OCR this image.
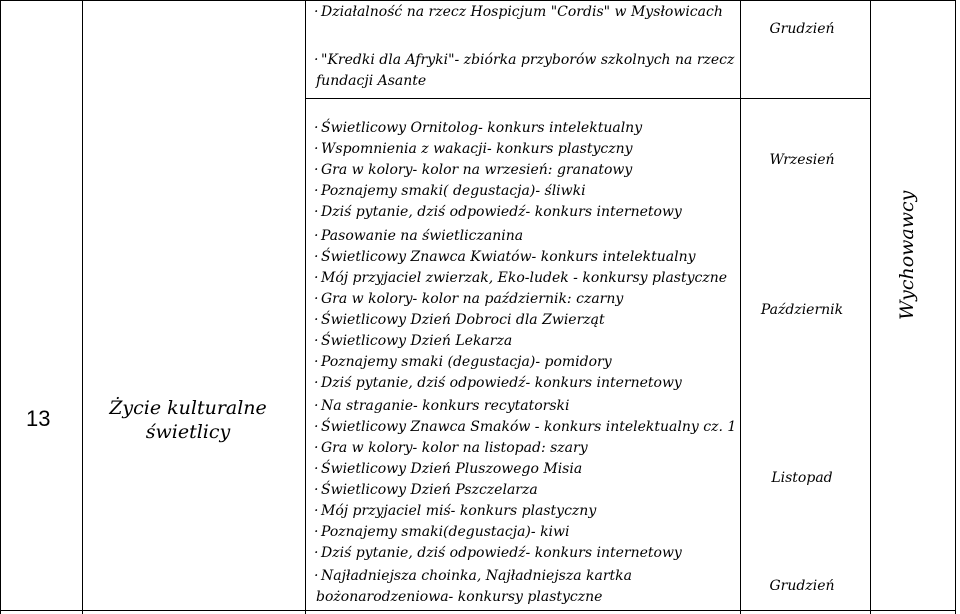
13	Życie kulturalne
świetlicy
Wychowawcy
· Działalność na rzecz Hospicjum "Cordis" w Mysłowicach
· "Kredki dla Afryki"- zbiórka przyborów szkolnych na rzecz
fundacji Asante
· Świetlicowy Ornitolog- konkurs intelektualny
· Wspomnienia z wakacji- konkurs plastyczny
· Gra w kolory- kolor na wrzesień: granatowy
· Poznajemy smaki( degustacja)- śliwki
· Dziś pytanie, dziś odpowiedź- konkurs internetowy
· Pasowanie na świetliczanina
· Świetlicowy Znawca Kwiatów- konkurs intelektualny
· Mój przyjaciel zwierzak, Eko-ludek - konkursy plastyczne
· Gra w kolory- kolor na październik: czarny
· Świetlicowy Dzień Dobroci dla Zwierząt
· Świetlicowy Dzień Lekarza
· Poznajemy smaki (degustacja)- pomidory
· Dziś pytanie, dziś odpowiedź- konkurs internetowy
· Na straganie- konkurs recytatorski
· Świetlicowy Znawca Smaków - konkurs intelektualny cz. 1
· Gra w kolory- kolor na listopad: szary
· Świetlicowy Dzień Pluszowego Misia
· Świetlicowy Dzień Pszczelarza
· Mój przyjaciel miś- konkurs plastyczny
· Poznajemy smaki(degustacja)- kiwi
· Dziś pytanie, dziś odpowiedź- konkurs internetowy
· Najładniejsza choinka, Najładniejsza kartka
bożonarodzeniowa- konkursy plastyczne
Grudzień
Wrzesień
Październik
Listopad
Grudzień
